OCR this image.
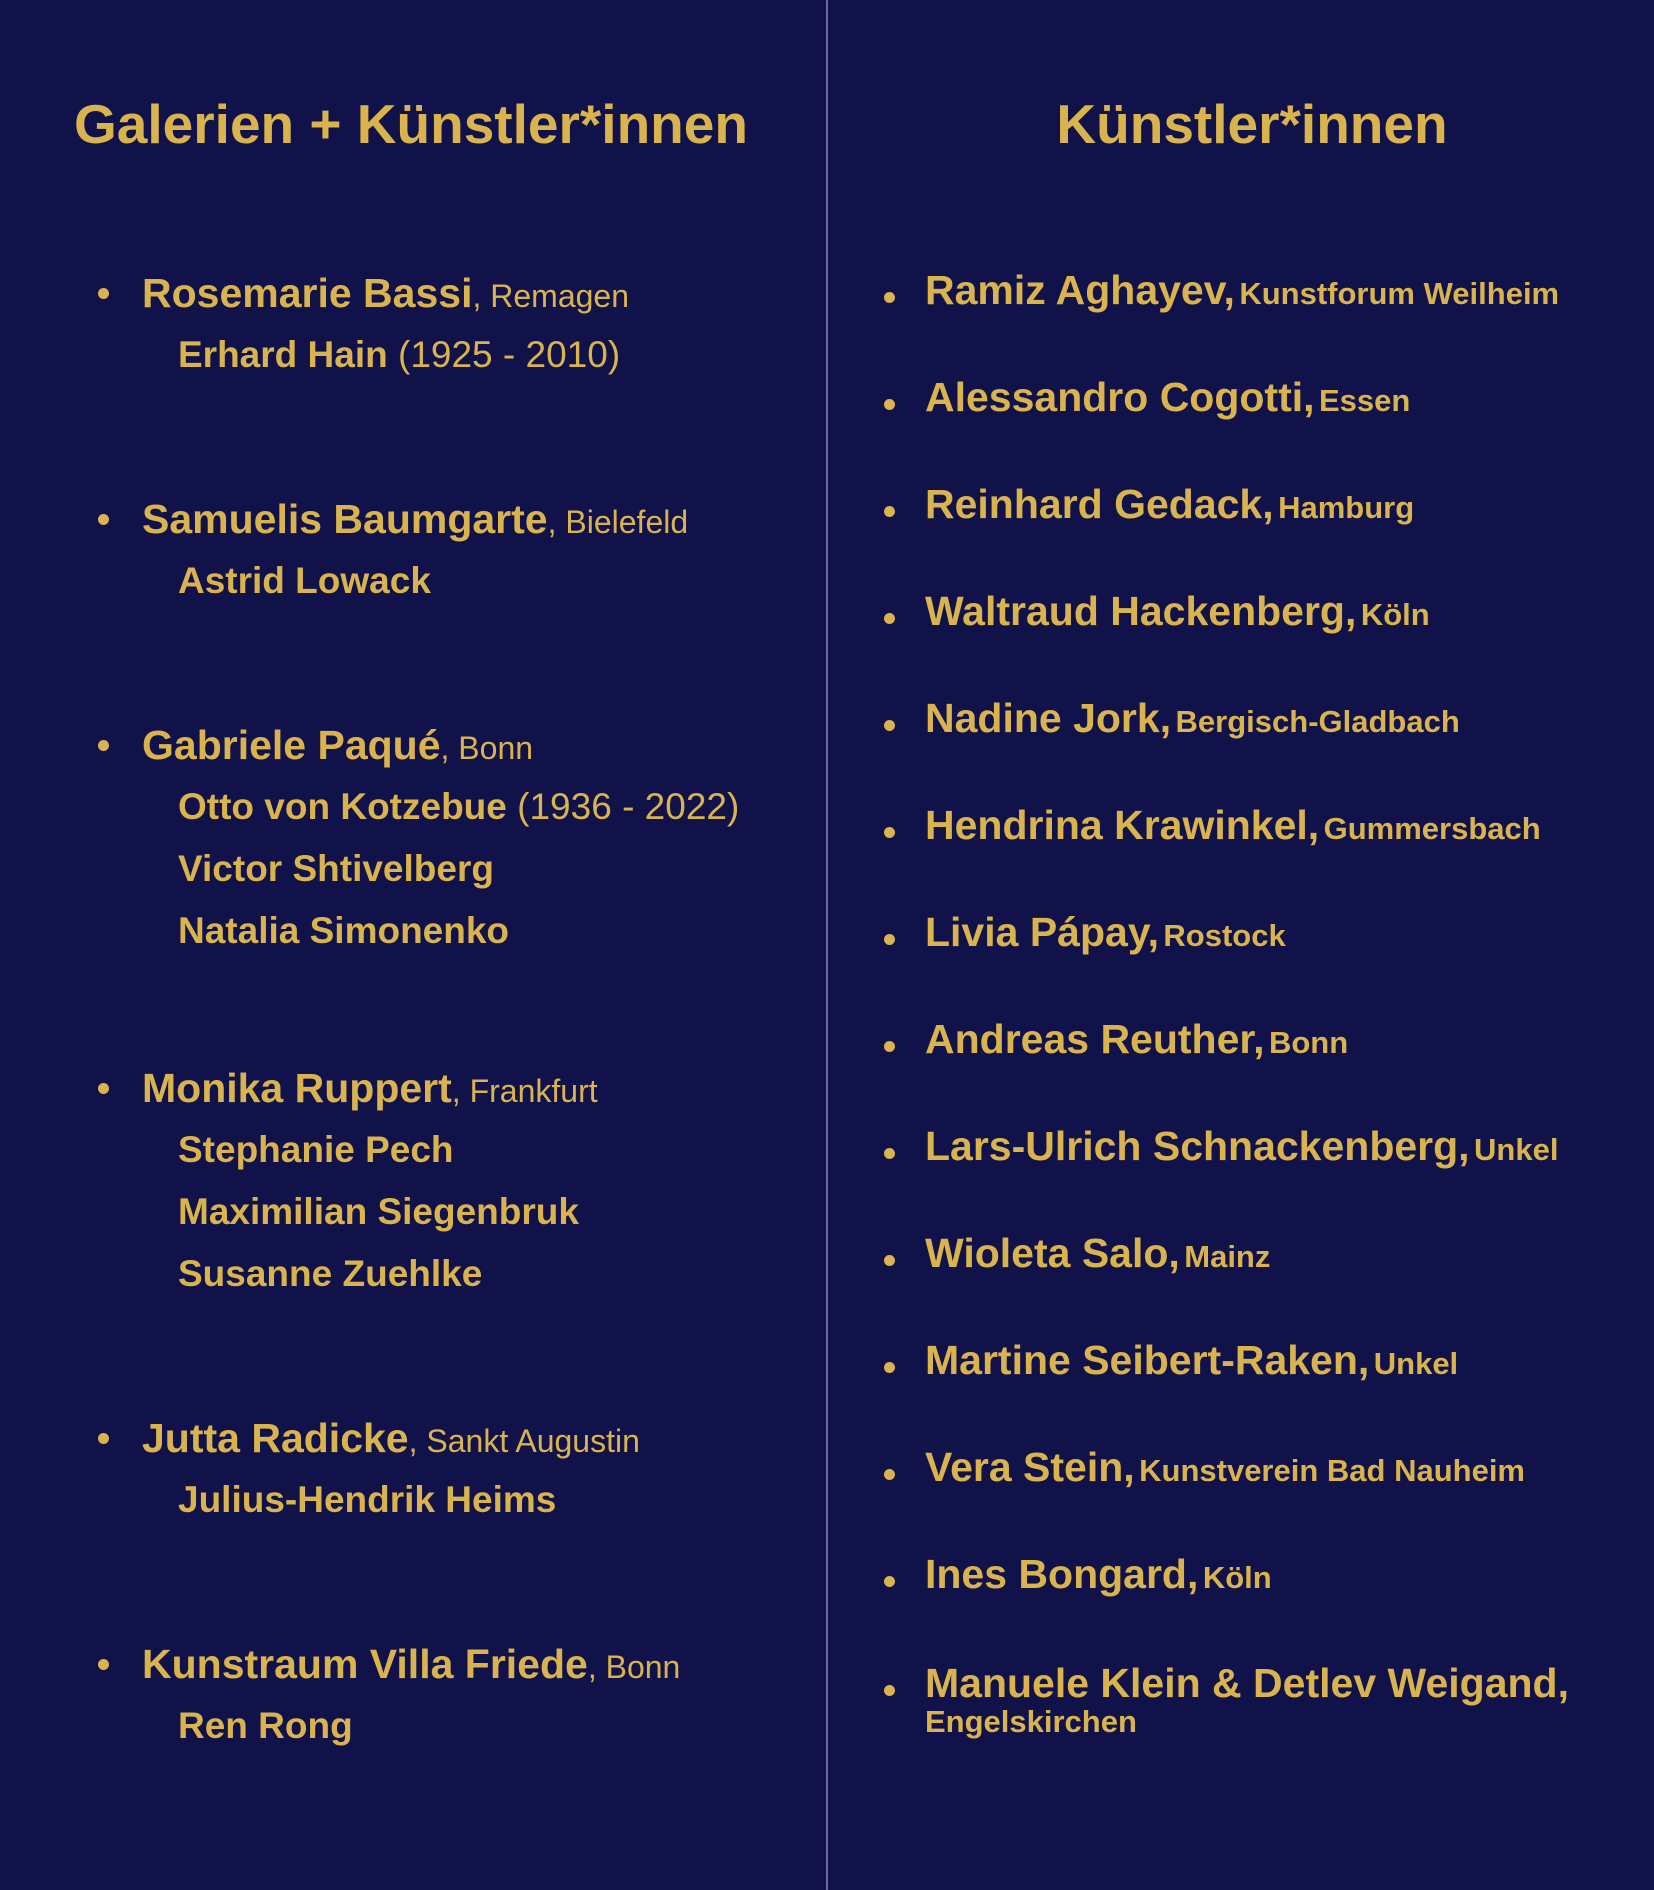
Galerien + Künstler*innen
Rosemarie Bassi, Remagen
Erhard Hain (1925 - 2010)
Samuelis Baumgarte, Bielefeld
Astrid Lowack
Gabriele Paqué, Bonn
Otto von Kotzebue (1936 - 2022)
Victor Shtivelberg
Natalia Simonenko
Monika Ruppert, Frankfurt
Stephanie Pech
Maximilian Siegenbruk
Susanne Zuehlke
Jutta Radicke, Sankt Augustin
Julius-Hendrik Heims
Kunstraum Villa Friede, Bonn
Ren Rong
Künstler*innen
Ramiz Aghayev, Kunstforum Weilheim
Alessandro Cogotti, Essen
Reinhard Gedack, Hamburg
Waltraud Hackenberg, Köln
Nadine Jork, Bergisch-Gladbach
Hendrina Krawinkel, Gummersbach
Livia Pápay, Rostock
Andreas Reuther, Bonn
Lars-Ulrich Schnackenberg, Unkel
Wioleta Salo, Mainz
Martine Seibert-Raken, Unkel
Vera Stein, Kunstverein Bad Nauheim
Ines Bongard, Köln
Manuele Klein & Detlev Weigand,
Engelskirchen
